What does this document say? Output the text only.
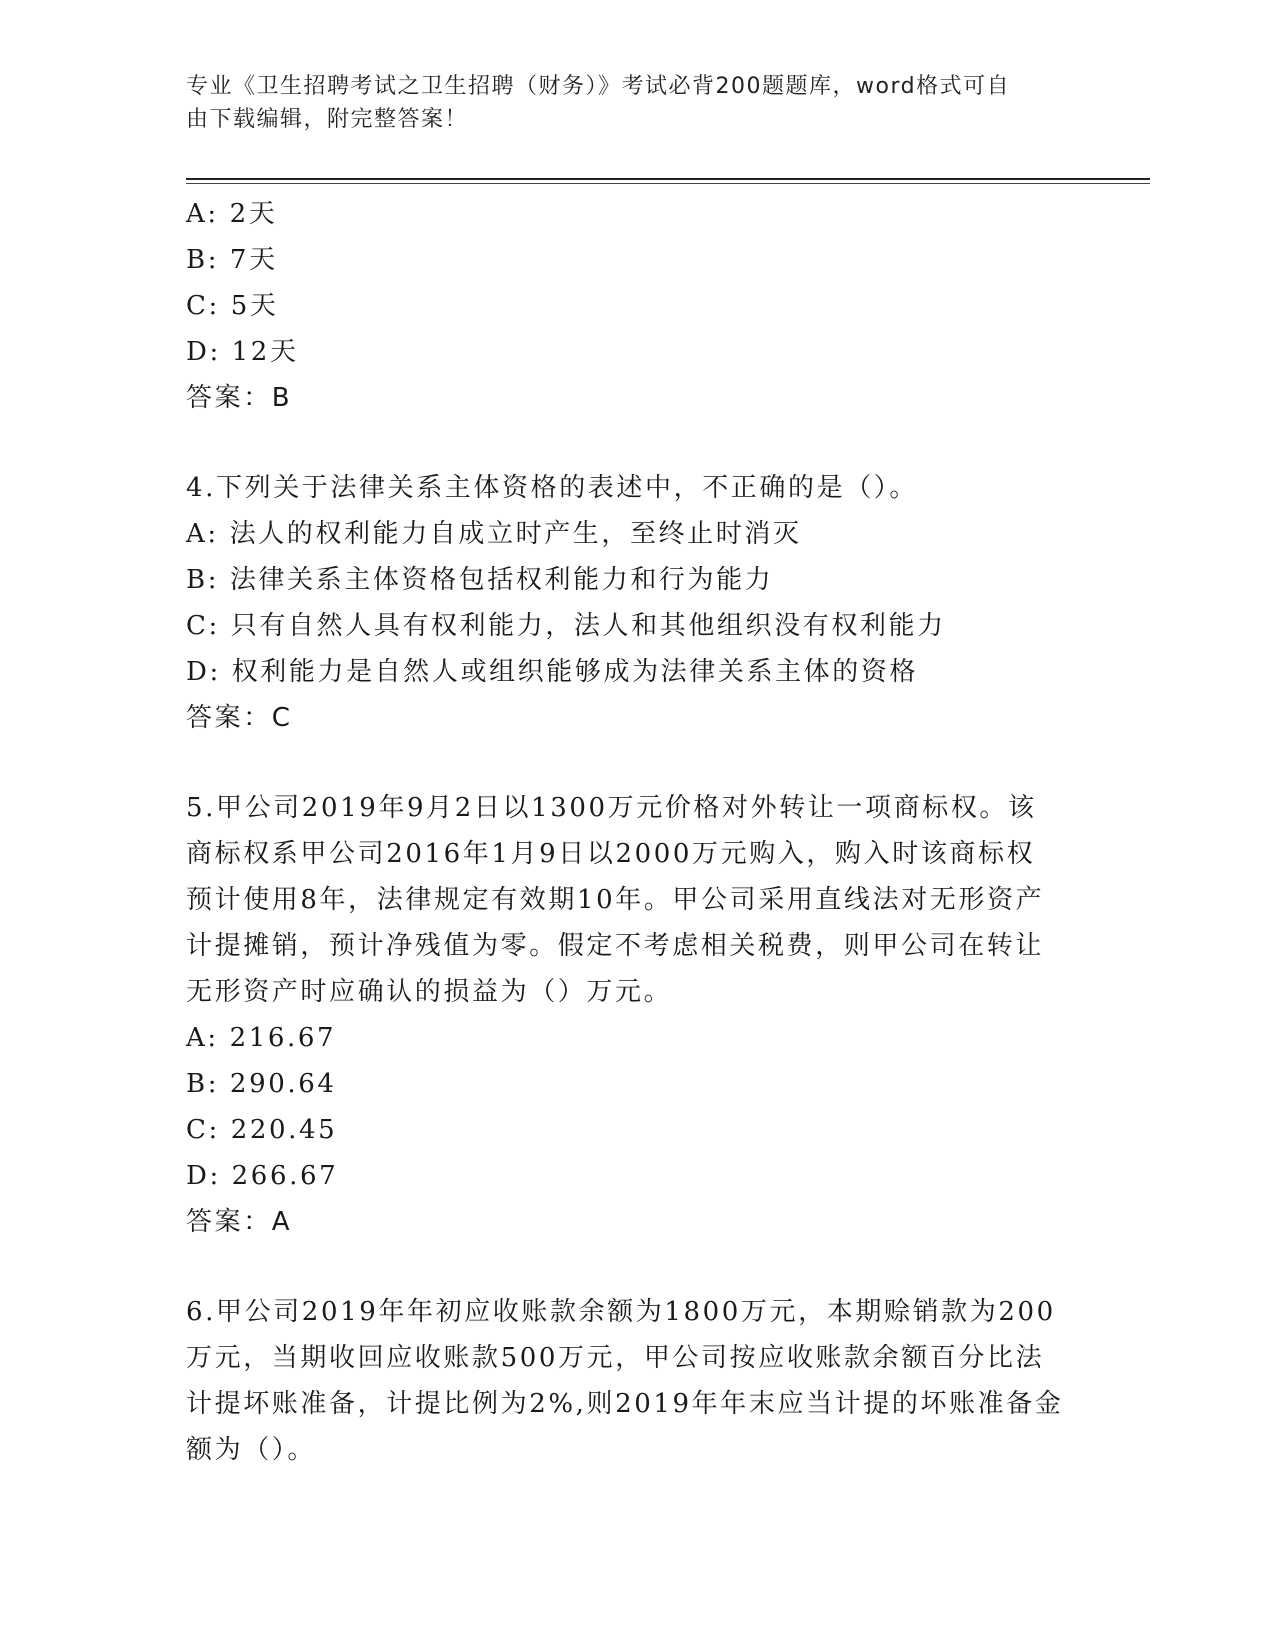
专业《卫生招聘考试之卫生招聘（财务）》考试必背200题题库，word格式可自
由下载编辑，附完整答案！
A: 2天
B: 7天
C: 5天
D: 12天
答案：B
4.下列关于法律关系主体资格的表述中，不正确的是（）。
A: 法人的权利能力自成立时产生，至终止时消灭
B: 法律关系主体资格包括权利能力和行为能力
C: 只有自然人具有权利能力，法人和其他组织没有权利能力
D: 权利能力是自然人或组织能够成为法律关系主体的资格
答案：C
5.甲公司2019年9月2日以1300万元价格对外转让一项商标权。该
商标权系甲公司2016年1月9日以2000万元购入，购入时该商标权
预计使用8年，法律规定有效期10年。甲公司采用直线法对无形资产
计提摊销，预计净残值为零。假定不考虑相关税费，则甲公司在转让
无形资产时应确认的损益为（）万元。
A: 216.67
B: 290.64
C: 220.45
D: 266.67
答案：A
6.甲公司2019年年初应收账款余额为1800万元，本期赊销款为200
万元，当期收回应收账款500万元，甲公司按应收账款余额百分比法
计提坏账准备，计提比例为2%,则2019年年末应当计提的坏账准备金
额为（）。
